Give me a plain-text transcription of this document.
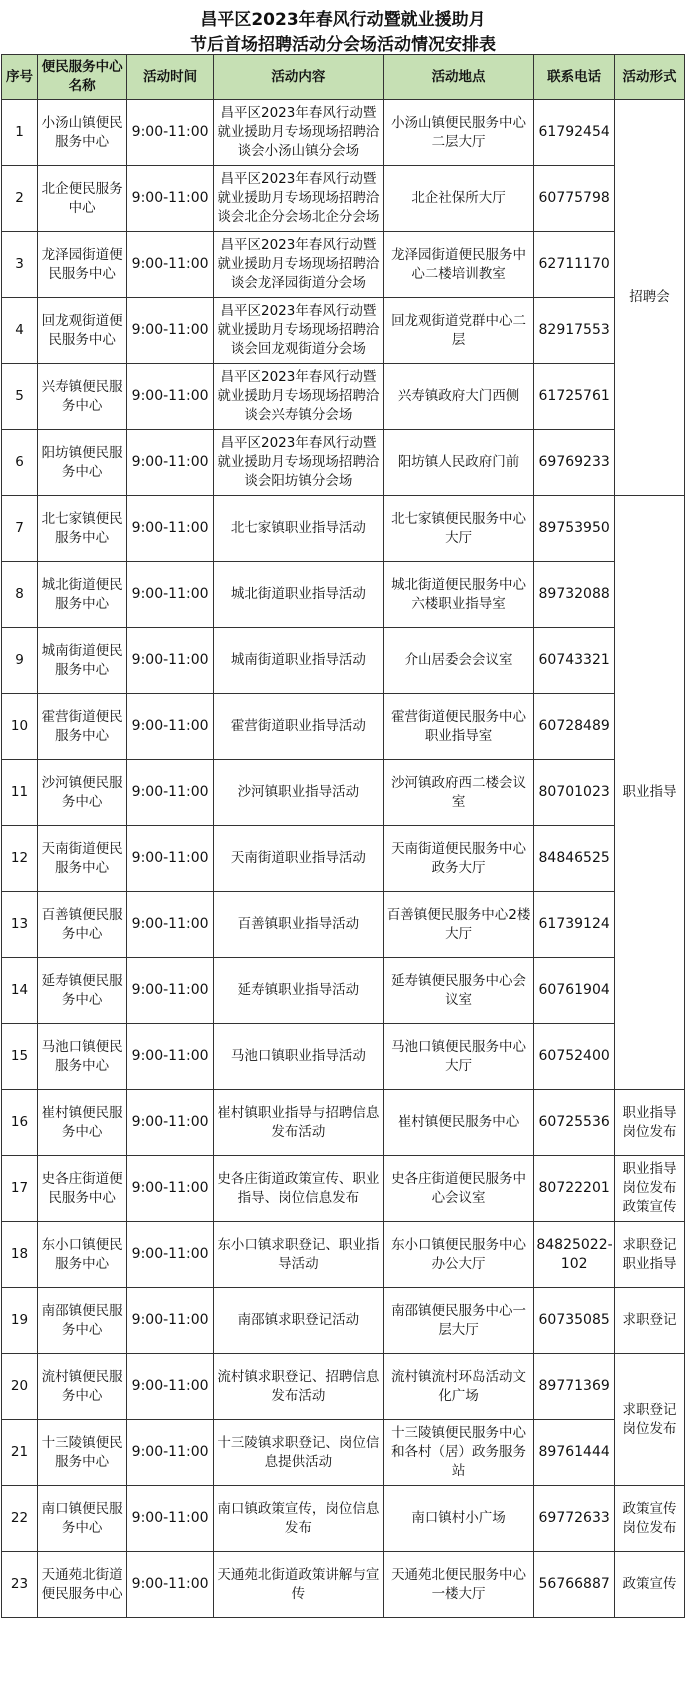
昌平区2023年春风行动暨就业援助月
节后首场招聘活动分会场活动情况安排表
序号	便民服务中心名称	活动时间	活动内容	活动地点	联系电话	活动形式
1	小汤山镇便民服务中心	9:00-11:00	昌平区2023年春风行动暨就业援助月专场现场招聘洽谈会小汤山镇分会场	小汤山镇便民服务中心二层大厅	61792454	招聘会
2	北企便民服务中心	9:00-11:00	昌平区2023年春风行动暨就业援助月专场现场招聘洽谈会北企分会场北企分会场	北企社保所大厅	60775798	
3	龙泽园街道便民服务中心	9:00-11:00	昌平区2023年春风行动暨就业援助月专场现场招聘洽谈会龙泽园街道分会场	龙泽园街道便民服务中心二楼培训教室	62711170	
4	回龙观街道便民服务中心	9:00-11:00	昌平区2023年春风行动暨就业援助月专场现场招聘洽谈会回龙观街道分会场	回龙观街道党群中心二层	82917553	
5	兴寿镇便民服务中心	9:00-11:00	昌平区2023年春风行动暨就业援助月专场现场招聘洽谈会兴寿镇分会场	兴寿镇政府大门西侧	61725761	
6	阳坊镇便民服务中心	9:00-11:00	昌平区2023年春风行动暨就业援助月专场现场招聘洽谈会阳坊镇分会场	阳坊镇人民政府门前	69769233	
7	北七家镇便民服务中心	9:00-11:00	北七家镇职业指导活动	北七家镇便民服务中心大厅	89753950	职业指导
8	城北街道便民服务中心	9:00-11:00	城北街道职业指导活动	城北街道便民服务中心六楼职业指导室	89732088	
9	城南街道便民服务中心	9:00-11:00	城南街道职业指导活动	介山居委会会议室	60743321	
10	霍营街道便民服务中心	9:00-11:00	霍营街道职业指导活动	霍营街道便民服务中心职业指导室	60728489	
11	沙河镇便民服务中心	9:00-11:00	沙河镇职业指导活动	沙河镇政府西二楼会议室	80701023	
12	天南街道便民服务中心	9:00-11:00	天南街道职业指导活动	天南街道便民服务中心政务大厅	84846525	
13	百善镇便民服务中心	9:00-11:00	百善镇职业指导活动	百善镇便民服务中心2楼大厅	61739124	
14	延寿镇便民服务中心	9:00-11:00	延寿镇职业指导活动	延寿镇便民服务中心会议室	60761904	
15	马池口镇便民服务中心	9:00-11:00	马池口镇职业指导活动	马池口镇便民服务中心大厅	60752400	
16	崔村镇便民服务中心	9:00-11:00	崔村镇职业指导与招聘信息发布活动	崔村镇便民服务中心	60725536	职业指导岗位发布
17	史各庄街道便民服务中心	9:00-11:00	史各庄街道政策宣传、职业指导、岗位信息发布	史各庄街道便民服务中心会议室	80722201	职业指导岗位发布政策宣传
18	东小口镇便民服务中心	9:00-11:00	东小口镇求职登记、职业指导活动	东小口镇便民服务中心办公大厅	84825022-102	求职登记职业指导
19	南邵镇便民服务中心	9:00-11:00	南邵镇求职登记活动	南邵镇便民服务中心一层大厅	60735085	求职登记
20	流村镇便民服务中心	9:00-11:00	流村镇求职登记、招聘信息发布活动	流村镇流村环岛活动文化广场	89771369	求职登记岗位发布
21	十三陵镇便民服务中心	9:00-11:00	十三陵镇求职登记、岗位信息提供活动	十三陵镇便民服务中心和各村（居）政务服务站	89761444	
22	南口镇便民服务中心	9:00-11:00	南口镇政策宣传，岗位信息发布	南口镇村小广场	69772633	政策宣传岗位发布
23	天通苑北街道便民服务中心	9:00-11:00	天通苑北街道政策讲解与宣传	天通苑北便民服务中心一楼大厅	56766887	政策宣传
